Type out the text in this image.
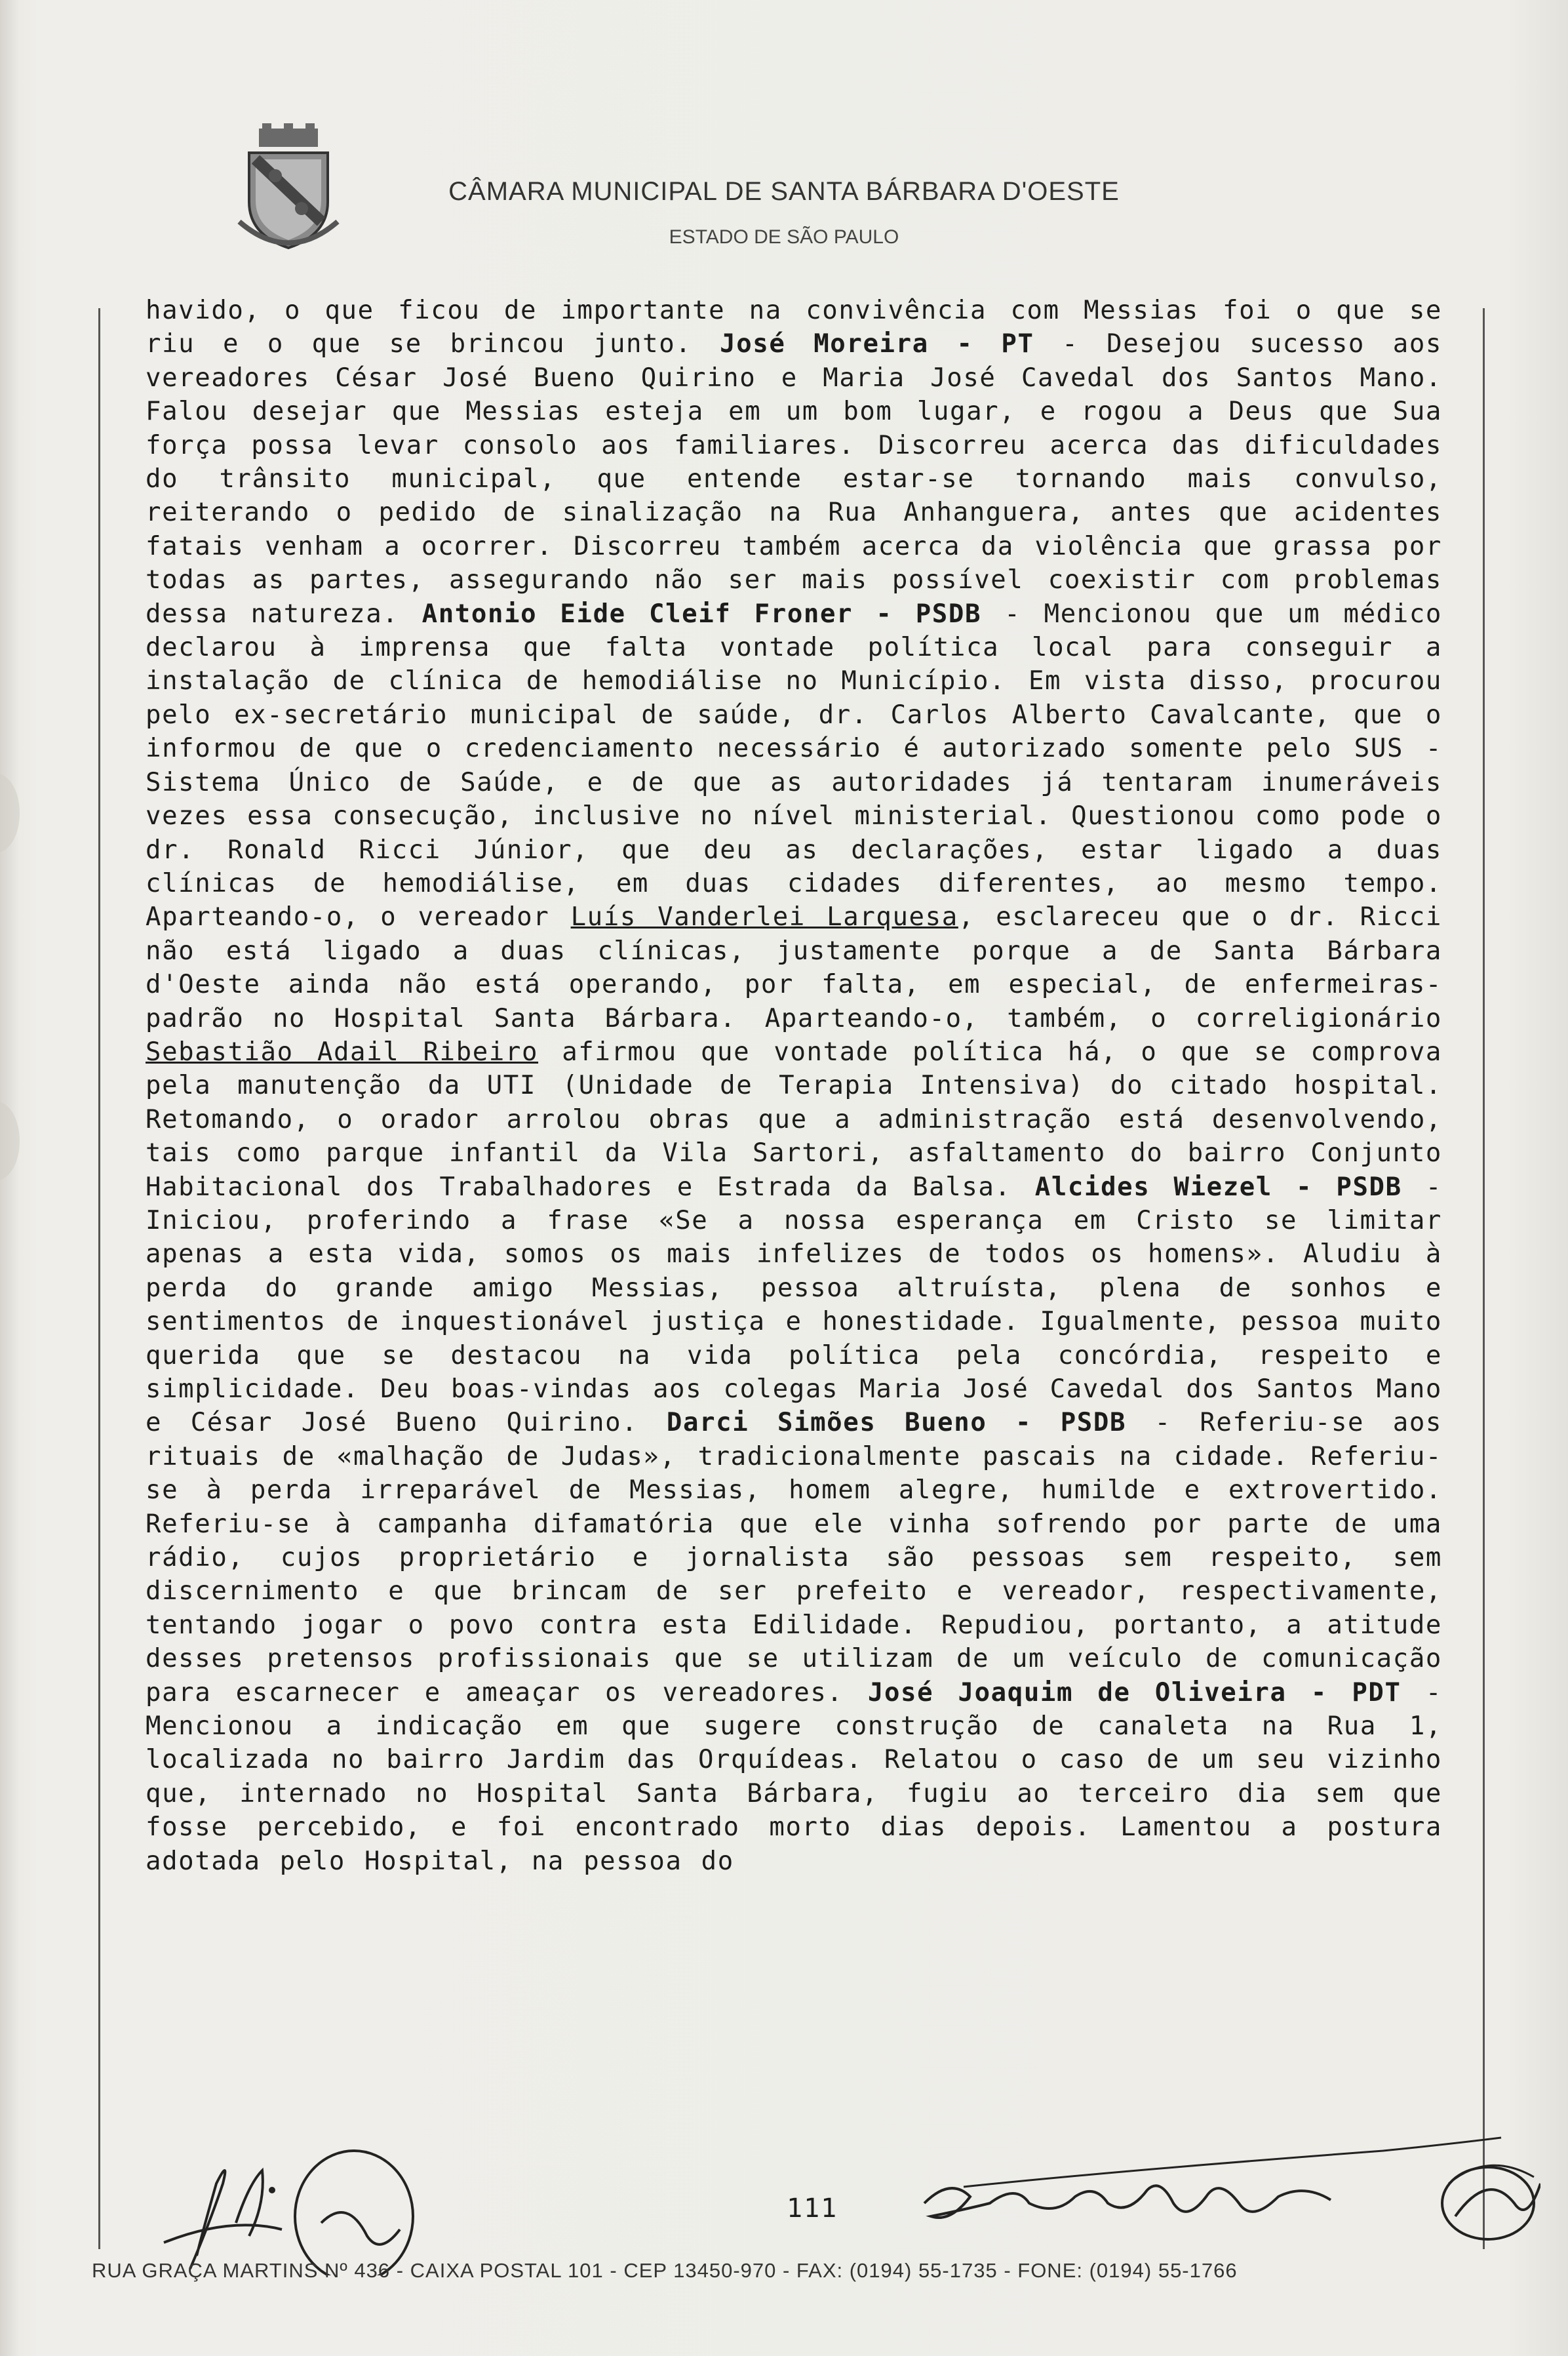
CÂMARA MUNICIPAL DE SANTA BÁRBARA D'OESTE
ESTADO DE SÃO PAULO
havido, o que ficou de importante na convivência com Messias foi o que se riu e o que se brincou junto. José Moreira - PT - Desejou sucesso aos vereadores César José Bueno Quirino e Maria José Cavedal dos Santos Mano. Falou desejar que Messias esteja em um bom lugar, e rogou a Deus que Sua força possa levar consolo aos familiares. Discorreu acerca das dificuldades do trânsito municipal, que entende estar-se tornando mais convulso, reiterando o pedido de sinalização na Rua Anhanguera, antes que acidentes fatais venham a ocorrer. Discorreu também acerca da violência que grassa por todas as partes, assegurando não ser mais possível coexistir com problemas dessa natureza. Antonio Eide Cleif Froner - PSDB - Mencionou que um médico declarou à imprensa que falta vontade política local para conseguir a instalação de clínica de hemodiálise no Município. Em vista disso, procurou pelo ex-secretário municipal de saúde, dr. Carlos Alberto Cavalcante, que o informou de que o credenciamento necessário é autorizado somente pelo SUS - Sistema Único de Saúde, e de que as autoridades já tentaram inumeráveis vezes essa consecução, inclusive no nível ministerial. Questionou como pode o dr. Ronald Ricci Júnior, que deu as declarações, estar ligado a duas clínicas de hemodiálise, em duas cidades diferentes, ao mesmo tempo. Aparteando-o, o vereador Luís Vanderlei Larquesa, esclareceu que o dr. Ricci não está ligado a duas clínicas, justamente porque a de Santa Bárbara d'Oeste ainda não está operando, por falta, em especial, de enfermeiras-padrão no Hospital Santa Bárbara. Aparteando-o, também, o correligionário Sebastião Adail Ribeiro afirmou que vontade política há, o que se comprova pela manutenção da UTI (Unidade de Terapia Intensiva) do citado hospital. Retomando, o orador arrolou obras que a administração está desenvolvendo, tais como parque infantil da Vila Sartori, asfaltamento do bairro Conjunto Habitacional dos Trabalhadores e Estrada da Balsa. Alcides Wiezel - PSDB - Iniciou, proferindo a frase «Se a nossa esperança em Cristo se limitar apenas a esta vida, somos os mais infelizes de todos os homens». Aludiu à perda do grande amigo Messias, pessoa altruísta, plena de sonhos e sentimentos de inquestionável justiça e honestidade. Igualmente, pessoa muito querida que se destacou na vida política pela concórdia, respeito e simplicidade. Deu boas-vindas aos colegas Maria José Cavedal dos Santos Mano e César José Bueno Quirino. Darci Simões Bueno - PSDB - Referiu-se aos rituais de «malhação de Judas», tradicionalmente pascais na cidade. Referiu-se à perda irreparável de Messias, homem alegre, humilde e extrovertido. Referiu-se à campanha difamatória que ele vinha sofrendo por parte de uma rádio, cujos proprietário e jornalista são pessoas sem respeito, sem discernimento e que brincam de ser prefeito e vereador, respectivamente, tentando jogar o povo contra esta Edilidade. Repudiou, portanto, a atitude desses pretensos profissionais que se utilizam de um veículo de comunicação para escarnecer e ameaçar os vereadores. José Joaquim de Oliveira - PDT - Mencionou a indicação em que sugere construção de canaleta na Rua 1, localizada no bairro Jardim das Orquídeas. Relatou o caso de um seu vizinho que, internado no Hospital Santa Bárbara, fugiu ao terceiro dia sem que fosse percebido, e foi encontrado morto dias depois. Lamentou a postura adotada pelo Hospital, na pessoa do
111
RUA GRAÇA MARTINS Nº 436 - CAIXA POSTAL 101 - CEP 13450-970 - FAX: (0194) 55-1735 - FONE: (0194) 55-1766
